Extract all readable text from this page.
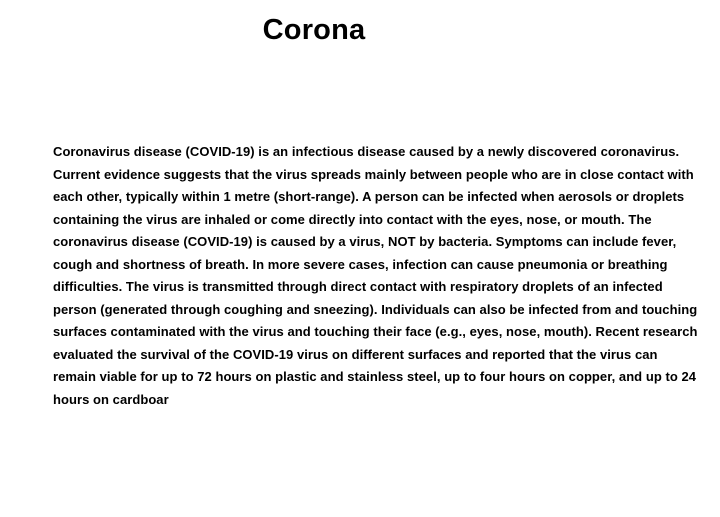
Corona
Coronavirus disease (COVID-19) is an infectious disease caused by a newly discovered coronavirus.
Current evidence suggests that the virus spreads mainly between people who are in close contact with
each other, typically within 1 metre (short-range). A person can be infected when aerosols or droplets
containing the virus are inhaled or come directly into contact with the eyes, nose, or mouth. The
coronavirus disease (COVID-19) is caused by a virus, NOT by bacteria. Symptoms can include fever,
cough and shortness of breath. In more severe cases, infection can cause pneumonia or breathing
difficulties. The virus is transmitted through direct contact with respiratory droplets of an infected
person (generated through coughing and sneezing). Individuals can also be infected from and touching
surfaces contaminated with the virus and touching their face (e.g., eyes, nose, mouth). Recent research
evaluated the survival of the COVID-19 virus on different surfaces and reported that the virus can
remain viable for up to 72 hours on plastic and stainless steel, up to four hours on copper, and up to 24
hours on cardboar
